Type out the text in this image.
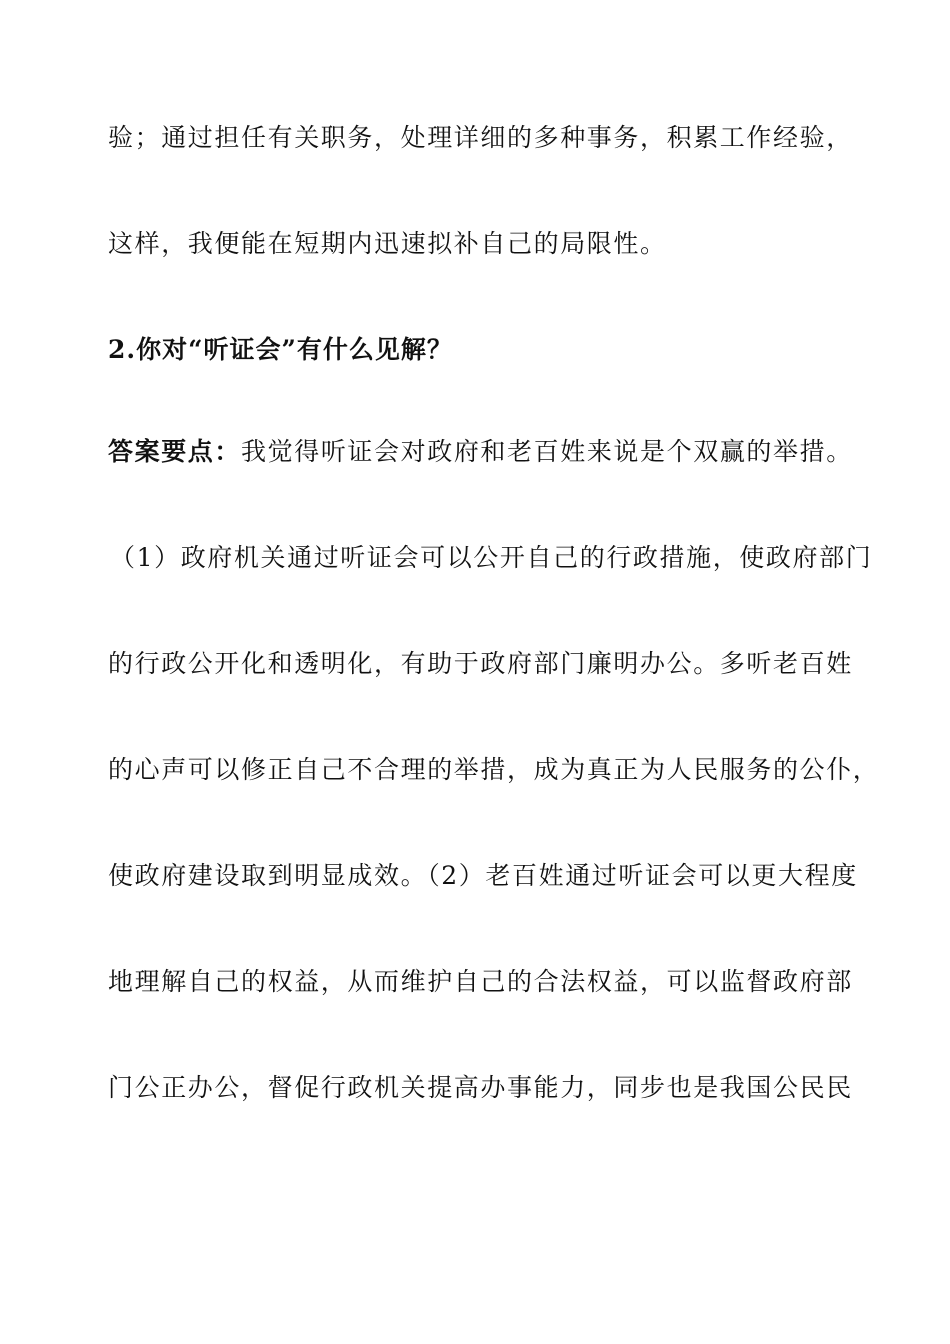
验；通过担任有关职务，处理详细的多种事务，积累工作经验，
这样，我便能在短期内迅速拟补自己的局限性。
2.你对“听证会”有什么见解？
答案要点：我觉得听证会对政府和老百姓来说是个双赢的举措。
（1）政府机关通过听证会可以公开自己的行政措施，使政府部门
的行政公开化和透明化，有助于政府部门廉明办公。多听老百姓
的心声可以修正自己不合理的举措，成为真正为人民服务的公仆，
使政府建设取到明显成效。（2）老百姓通过听证会可以更大程度
地理解自己的权益，从而维护自己的合法权益，可以监督政府部
门公正办公，督促行政机关提高办事能力，同步也是我国公民民
